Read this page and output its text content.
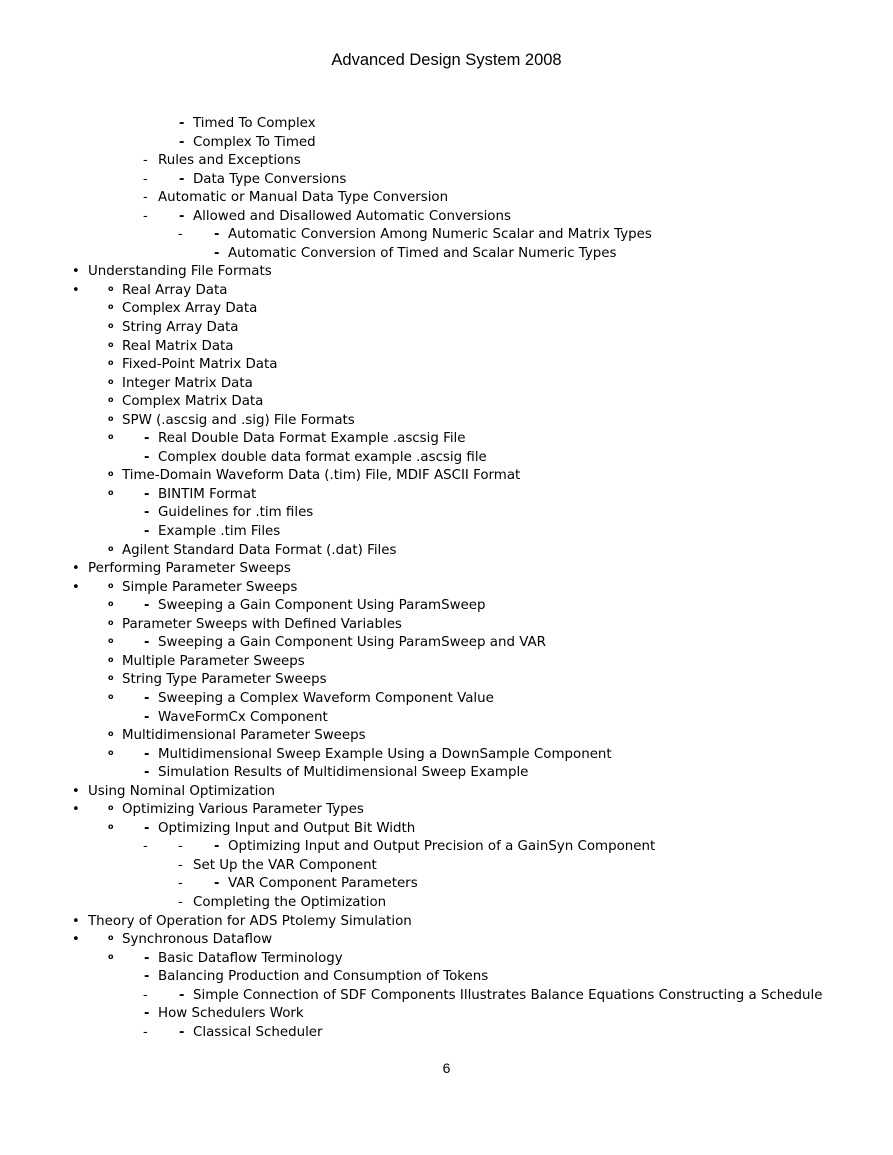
Advanced Design System 2008
- Timed To Complex
- Complex To Timed
- Rules and Exceptions
- - Data Type Conversions
- Automatic or Manual Data Type Conversion
- - Allowed and Disallowed Automatic Conversions
- - Automatic Conversion Among Numeric Scalar and Matrix Types
- Automatic Conversion of Timed and Scalar Numeric Types
• Understanding File Formats
•	o Real Array Data
o Complex Array Data
o String Array Data
o Real Matrix Data
o Fixed-Point Matrix Data
o Integer Matrix Data
o Complex Matrix Data
o SPW (.ascsig and .sig) File Formats
o - Real Double Data Format Example .ascsig File
- Complex double data format example .ascsig file
o Time-Domain Waveform Data (.tim) File, MDIF ASCII Format
o - BINTIM Format
- Guidelines for .tim files
- Example .tim Files
o Agilent Standard Data Format (.dat) Files
• Performing Parameter Sweeps
•	o Simple Parameter Sweeps
o - Sweeping a Gain Component Using ParamSweep
o Parameter Sweeps with Defined Variables
o - Sweeping a Gain Component Using ParamSweep and VAR
o Multiple Parameter Sweeps
o String Type Parameter Sweeps
o - Sweeping a Complex Waveform Component Value
- WaveFormCx Component
o Multidimensional Parameter Sweeps
o - Multidimensional Sweep Example Using a DownSample Component
- Simulation Results of Multidimensional Sweep Example
• Using Nominal Optimization
•	o Optimizing Various Parameter Types
o - Optimizing Input and Output Bit Width
- - - Optimizing Input and Output Precision of a GainSyn Component
- Set Up the VAR Component
- - VAR Component Parameters
- Completing the Optimization
• Theory of Operation for ADS Ptolemy Simulation
•	o Synchronous Dataflow
o - Basic Dataflow Terminology
- Balancing Production and Consumption of Tokens
- - Simple Connection of SDF Components Illustrates Balance Equations Constructing a Schedule
- How Schedulers Work
- - Classical Scheduler
6
